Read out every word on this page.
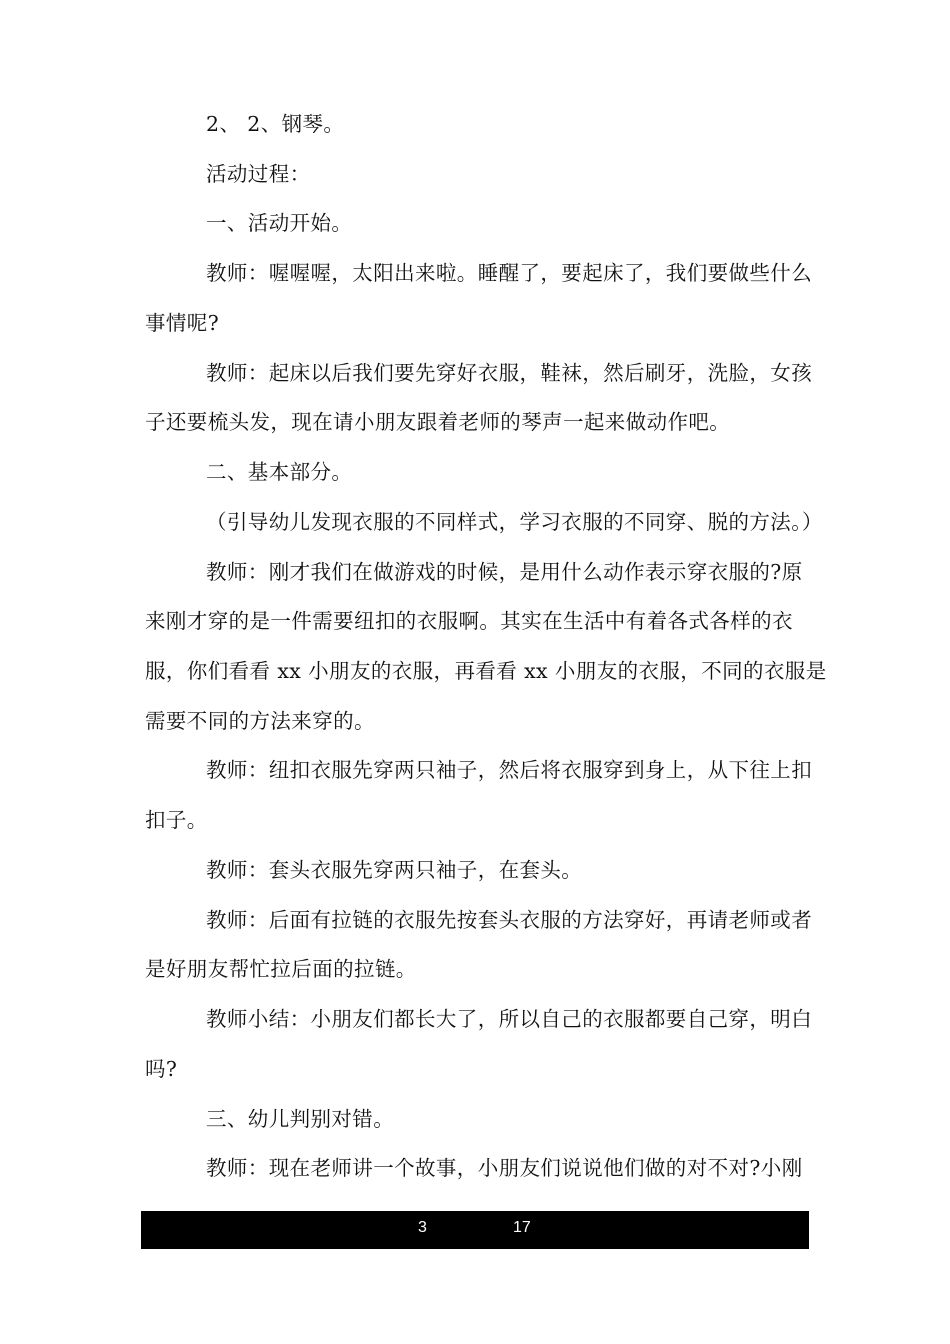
2、 2、钢琴。
活动过程：
一、活动开始。
教师：喔喔喔，太阳出来啦。睡醒了，要起床了，我们要做些什么
事情呢?
教师：起床以后我们要先穿好衣服，鞋袜，然后刷牙，洗脸，女孩
子还要梳头发，现在请小朋友跟着老师的琴声一起来做动作吧。
二、基本部分。
（引导幼儿发现衣服的不同样式，学习衣服的不同穿、脱的方法。）
教师：刚才我们在做游戏的时候，是用什么动作表示穿衣服的?原
来刚才穿的是一件需要纽扣的衣服啊。其实在生活中有着各式各样的衣
服，你们看看 xx 小朋友的衣服，再看看 xx 小朋友的衣服，不同的衣服是
需要不同的方法来穿的。
教师：纽扣衣服先穿两只袖子，然后将衣服穿到身上，从下往上扣
扣子。
教师：套头衣服先穿两只袖子，在套头。
教师：后面有拉链的衣服先按套头衣服的方法穿好，再请老师或者
是好朋友帮忙拉后面的拉链。
教师小结：小朋友们都长大了，所以自己的衣服都要自己穿，明白
吗?
三、幼儿判别对错。
教师：现在老师讲一个故事，小朋友们说说他们做的对不对?小刚
3	17
